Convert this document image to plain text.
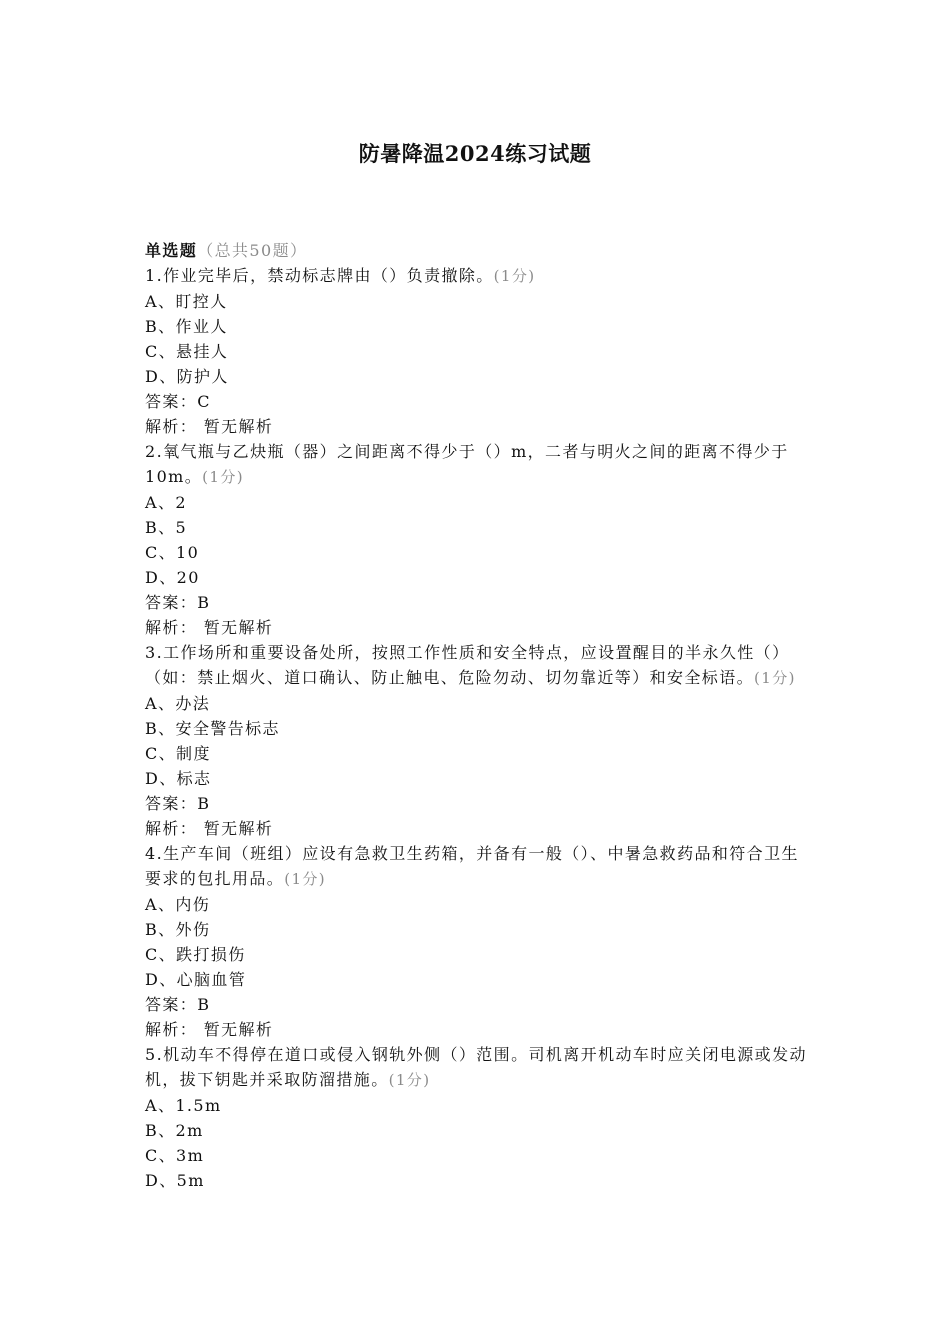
防暑降温2024练习试题
单选题（总共50题）
1.作业完毕后，禁动标志牌由（）负责撤除。(1分)
A、盯控人
B、作业人
C、悬挂人
D、防护人
答案：C
解析： 暂无解析
2.氧气瓶与乙炔瓶（器）之间距离不得少于（）m，二者与明火之间的距离不得少于10m。(1分)
A、2
B、5
C、10
D、20
答案：B
解析： 暂无解析
3.工作场所和重要设备处所，按照工作性质和安全特点，应设置醒目的半永久性（）（如：禁止烟火、道口确认、防止触电、危险勿动、切勿靠近等）和安全标语。(1分)
A、办法
B、安全警告标志
C、制度
D、标志
答案：B
解析： 暂无解析
4.生产车间（班组）应设有急救卫生药箱，并备有一般（）、中暑急救药品和符合卫生要求的包扎用品。(1分)
A、内伤
B、外伤
C、跌打损伤
D、心脑血管
答案：B
解析： 暂无解析
5.机动车不得停在道口或侵入钢轨外侧（）范围。司机离开机动车时应关闭电源或发动机，拔下钥匙并采取防溜措施。(1分)
A、1.5m
B、2m
C、3m
D、5m
